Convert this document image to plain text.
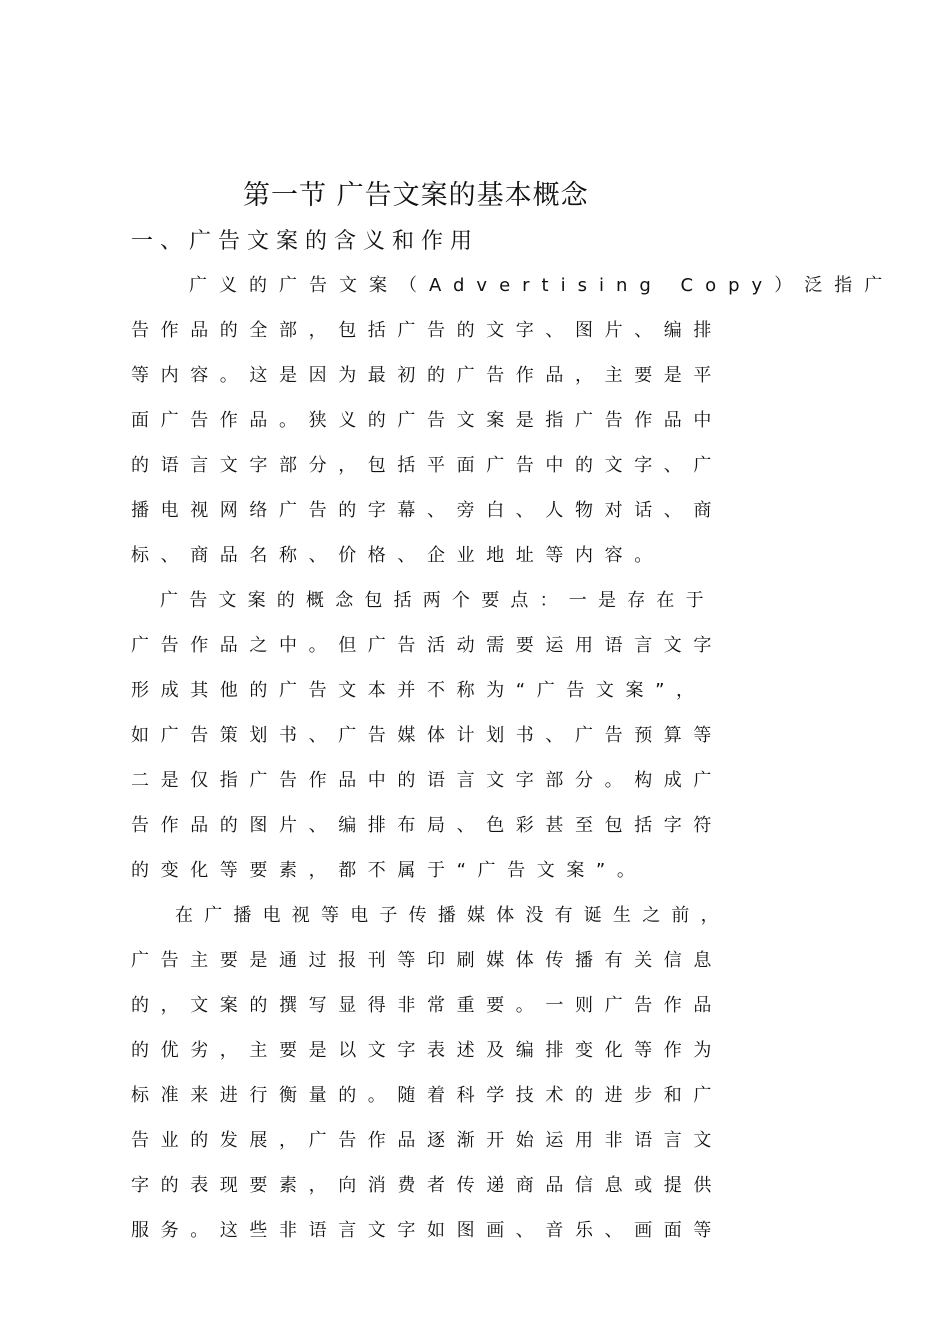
第一节 广告文案的基本概念
一、广告文案的含义和作用
广义的广告文案（Advertising Copy）泛指广
告作品的全部，包括广告的文字、图片、编排
等内容。这是因为最初的广告作品，主要是平
面广告作品。狭义的广告文案是指广告作品中
的语言文字部分，包括平面广告中的文字、广
播电视网络广告的字幕、旁白、人物对话、商
标、商品名称、价格、企业地址等内容。
广告文案的概念包括两个要点：一是存在于
广告作品之中。但广告活动需要运用语言文字
形成其他的广告文本并不称为“广告文案”，
如广告策划书、广告媒体计划书、广告预算等
二是仅指广告作品中的语言文字部分。构成广
告作品的图片、编排布局、色彩甚至包括字符
的变化等要素，都不属于“广告文案”。
在广播电视等电子传播媒体没有诞生之前，
广告主要是通过报刊等印刷媒体传播有关信息
的，文案的撰写显得非常重要。一则广告作品
的优劣，主要是以文字表述及编排变化等作为
标准来进行衡量的。随着科学技术的进步和广
告业的发展，广告作品逐渐开始运用非语言文
字的表现要素，向消费者传递商品信息或提供
服务。这些非语言文字如图画、音乐、画面等
